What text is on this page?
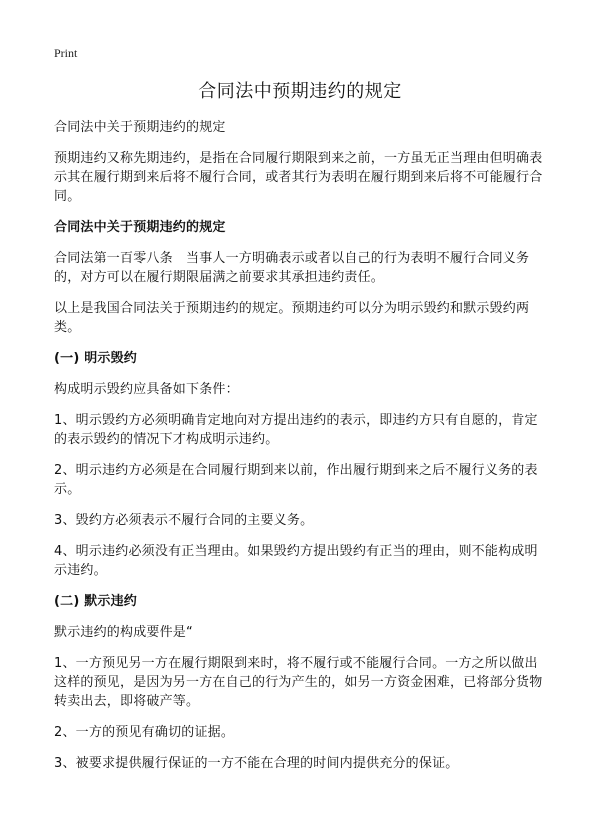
Print
合同法中预期违约的规定

合同法中关于预期违约的规定

预期违约又称先期违约，是指在合同履行期限到来之前，一方虽无正当理由但明确表示其在履行期到来后将不履行合同，或者其行为表明在履行期到来后将不可能履行合同。

合同法中关于预期违约的规定

合同法第一百零八条　当事人一方明确表示或者以自己的行为表明不履行合同义务的，对方可以在履行期限届满之前要求其承担违约责任。

以上是我国合同法关于预期违约的规定。预期违约可以分为明示毁约和默示毁约两类。

(一) 明示毁约

构成明示毁约应具备如下条件：

1、明示毁约方必须明确肯定地向对方提出违约的表示，即违约方只有自愿的，肯定的表示毁约的情况下才构成明示违约。

2、明示违约方必须是在合同履行期到来以前，作出履行期到来之后不履行义务的表示。

3、毁约方必须表示不履行合同的主要义务。

4、明示违约必须没有正当理由。如果毁约方提出毁约有正当的理由，则不能构成明示违约。

(二) 默示违约

默示违约的构成要件是“

1、一方预见另一方在履行期限到来时，将不履行或不能履行合同。一方之所以做出这样的预见，是因为另一方在自己的行为产生的，如另一方资金困难，已将部分货物转卖出去，即将破产等。

2、一方的预见有确切的证据。

3、被要求提供履行保证的一方不能在合理的时间内提供充分的保证。
